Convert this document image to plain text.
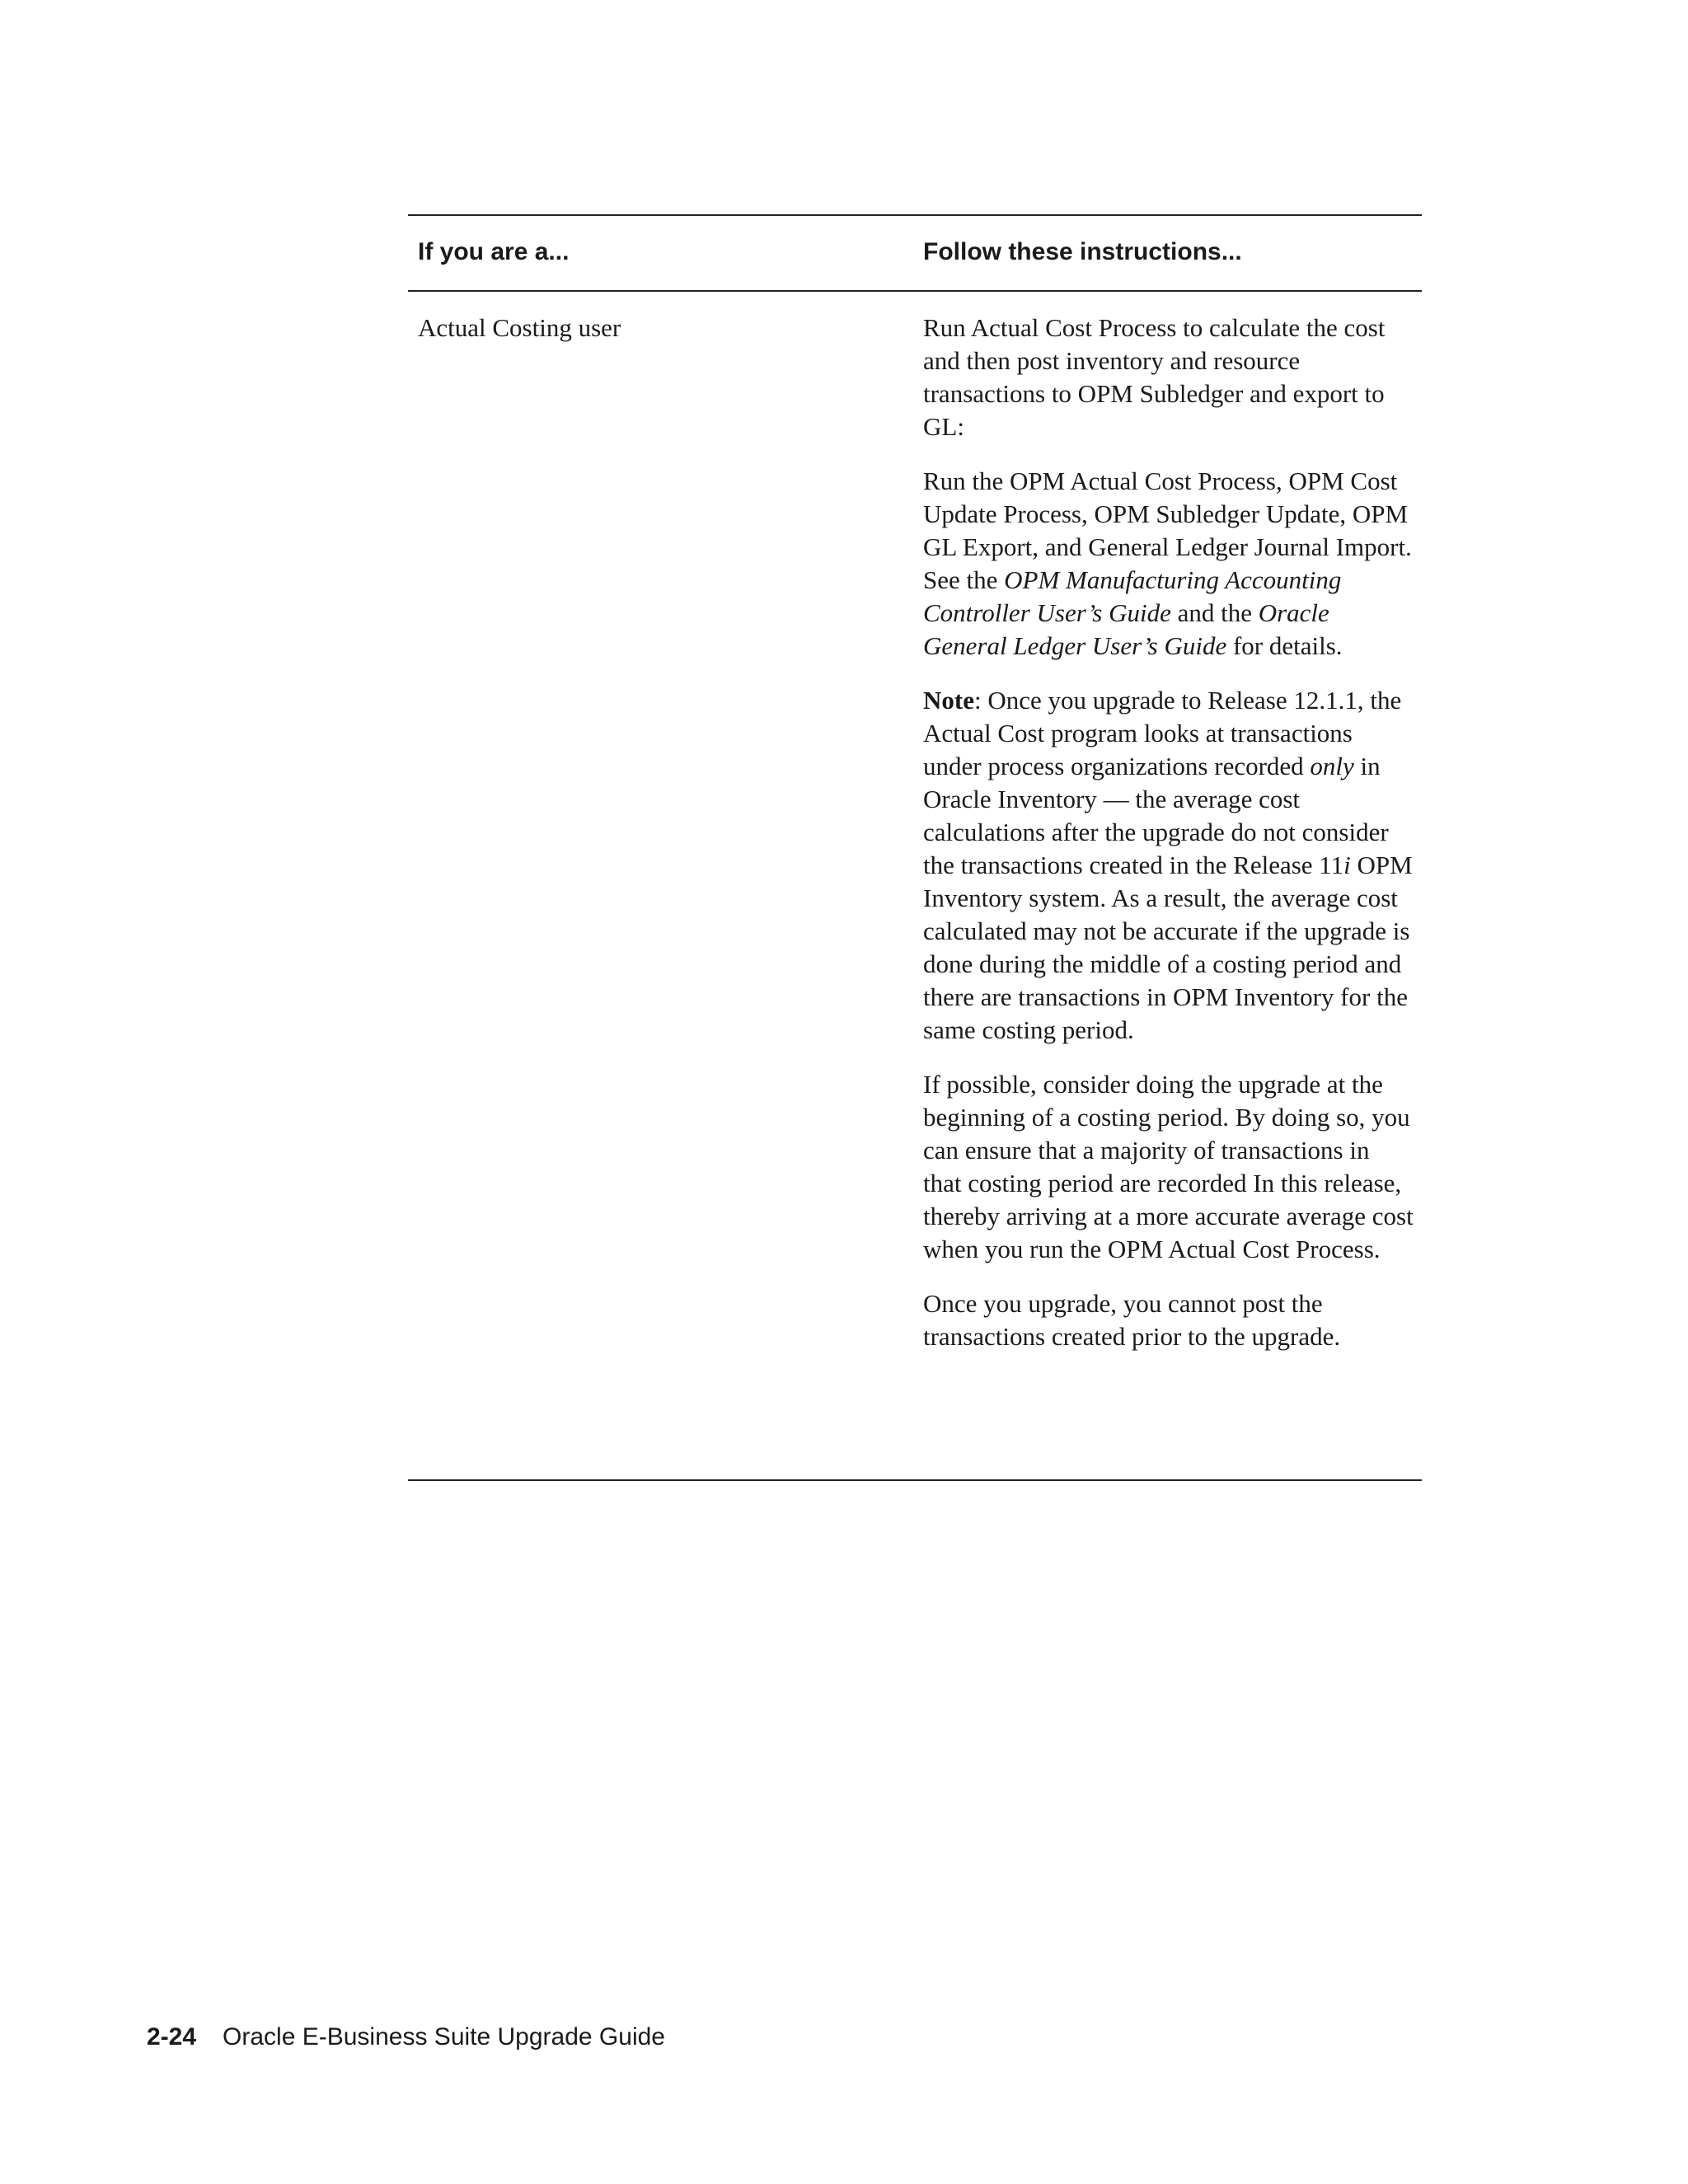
If you are a...	Follow these instructions...
Actual Costing user	Run Actual Cost Process to calculate the cost and then post inventory and resource transactions to OPM Subledger and export to GL:

Run the OPM Actual Cost Process, OPM Cost Update Process, OPM Subledger Update, OPM GL Export, and General Ledger Journal Import. See the OPM Manufacturing Accounting Controller User’s Guide and the Oracle General Ledger User’s Guide for details.

Note: Once you upgrade to Release 12.1.1, the Actual Cost program looks at transactions under process organizations recorded only in Oracle Inventory — the average cost calculations after the upgrade do not consider the transactions created in the Release 11i OPM Inventory system. As a result, the average cost calculated may not be accurate if the upgrade is done during the middle of a costing period and there are transactions in OPM Inventory for the same costing period.

If possible, consider doing the upgrade at the beginning of a costing period. By doing so, you can ensure that a majority of transactions in that costing period are recorded In this release, thereby arriving at a more accurate average cost when you run the OPM Actual Cost Process.

Once you upgrade, you cannot post the transactions created prior to the upgrade.

2-24 Oracle E-Business Suite Upgrade Guide
